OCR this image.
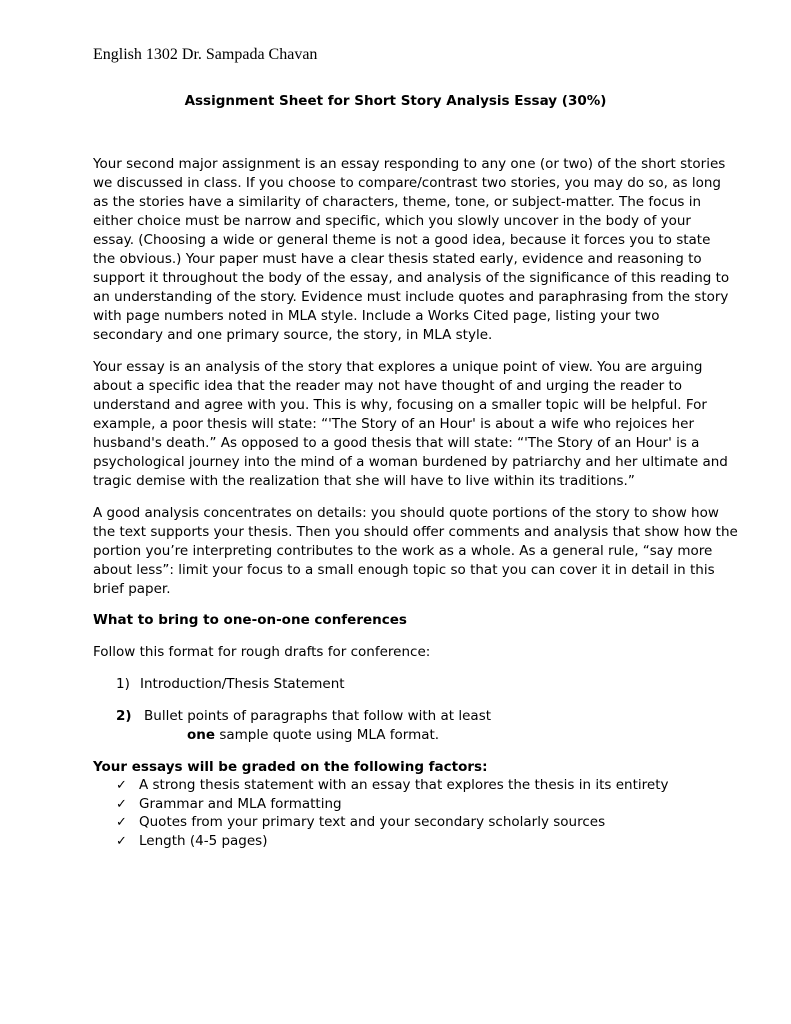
English 1302 Dr. Sampada Chavan
Assignment Sheet for Short Story Analysis Essay (30%)
Your second major assignment is an essay responding to any one (or two) of the short stories
we discussed in class. If you choose to compare/contrast two stories, you may do so, as long
as the stories have a similarity of characters, theme, tone, or subject-matter. The focus in
either choice must be narrow and specific, which you slowly uncover in the body of your
essay. (Choosing a wide or general theme is not a good idea, because it forces you to state
the obvious.) Your paper must have a clear thesis stated early, evidence and reasoning to
support it throughout the body of the essay, and analysis of the significance of this reading to
an understanding of the story. Evidence must include quotes and paraphrasing from the story
with page numbers noted in MLA style. Include a Works Cited page, listing your two
secondary and one primary source, the story, in MLA style.
Your essay is an analysis of the story that explores a unique point of view. You are arguing
about a specific idea that the reader may not have thought of and urging the reader to
understand and agree with you. This is why, focusing on a smaller topic will be helpful. For
example, a poor thesis will state: “'The Story of an Hour' is about a wife who rejoices her
husband's death.” As opposed to a good thesis that will state: “'The Story of an Hour' is a
psychological journey into the mind of a woman burdened by patriarchy and her ultimate and
tragic demise with the realization that she will have to live within its traditions.”
A good analysis concentrates on details: you should quote portions of the story to show how
the text supports your thesis. Then you should offer comments and analysis that show how the
portion you’re interpreting contributes to the work as a whole. As a general rule, “say more
about less”: limit your focus to a small enough topic so that you can cover it in detail in this
brief paper.
What to bring to one-on-one conferences
Follow this format for rough drafts for conference:
1) Introduction/Thesis Statement
2) Bullet points of paragraphs that follow with at least
one sample quote using MLA format.
Your essays will be graded on the following factors:
✓ A strong thesis statement with an essay that explores the thesis in its entirety
✓ Grammar and MLA formatting
✓ Quotes from your primary text and your secondary scholarly sources
✓ Length (4-5 pages)
